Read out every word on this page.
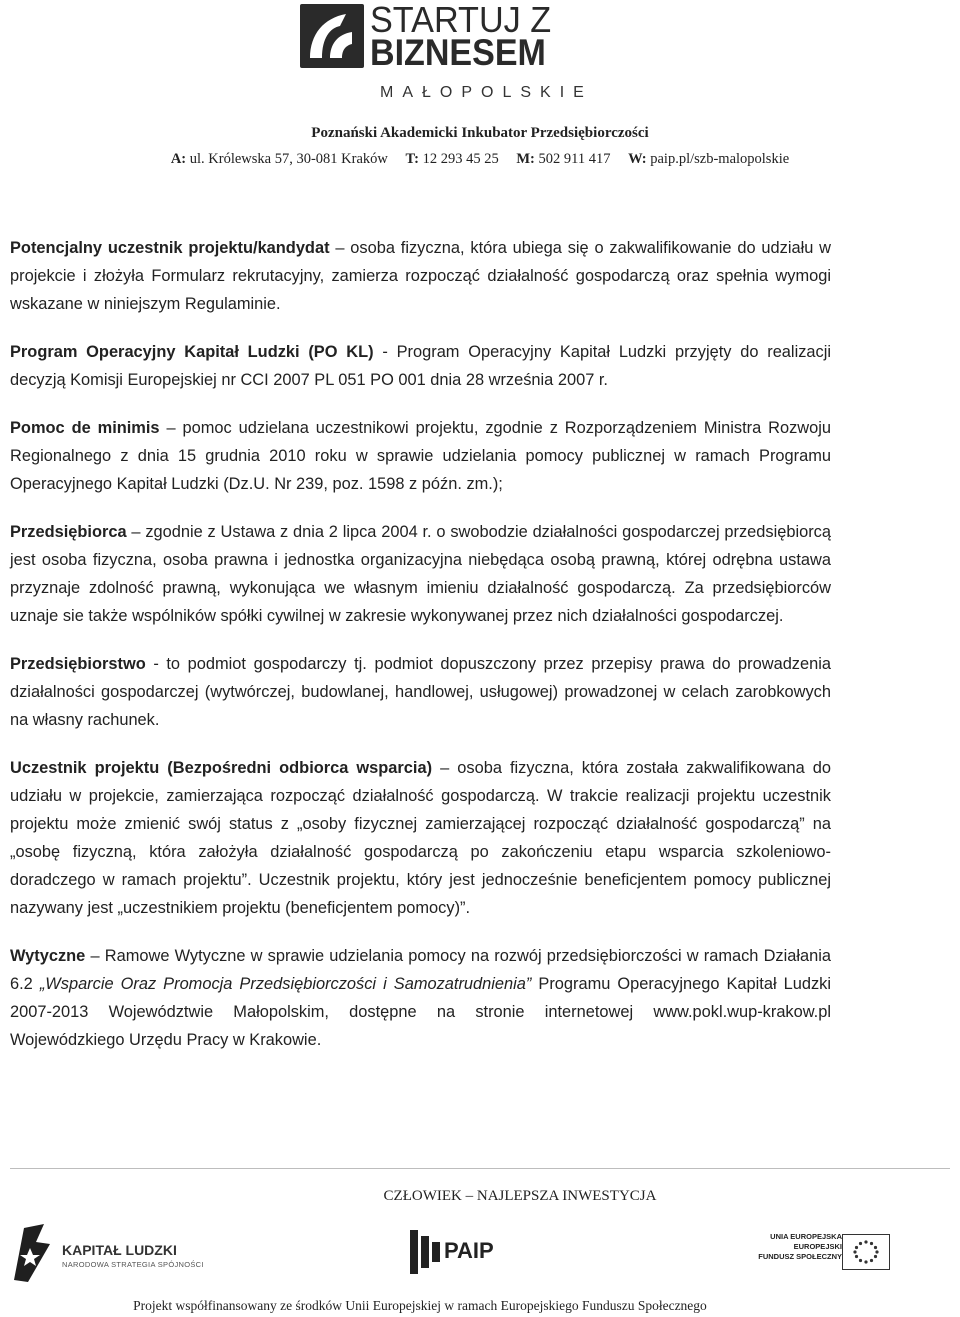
STARTUJ Z
BIZNESEM
MAŁOPOLSKIE
Poznański Akademicki Inkubator Przedsiębiorczości
A: ul. Królewska 57, 30-081 Kraków T: 12 293 45 25 M: 502 911 417 W: paip.pl/szb-malopolskie

Potencjalny uczestnik projektu/kandydat – osoba fizyczna, która ubiega się o zakwalifikowanie do udziału w projekcie i złożyła Formularz rekrutacyjny, zamierza rozpocząć działalność gospodarczą oraz spełnia wymogi wskazane w niniejszym Regulaminie.

Program Operacyjny Kapitał Ludzki (PO KL) - Program Operacyjny Kapitał Ludzki przyjęty do realizacji decyzją Komisji Europejskiej nr CCI 2007 PL 051 PO 001 dnia 28 września 2007 r.

Pomoc de minimis – pomoc udzielana uczestnikowi projektu, zgodnie z Rozporządzeniem Ministra Rozwoju Regionalnego z dnia 15 grudnia 2010 roku w sprawie udzielania pomocy publicznej w ramach Programu Operacyjnego Kapitał Ludzki (Dz.U. Nr 239, poz. 1598 z późn. zm.);

Przedsiębiorca – zgodnie z Ustawa z dnia 2 lipca 2004 r. o swobodzie działalności gospodarczej przedsiębiorcą jest osoba fizyczna, osoba prawna i jednostka organizacyjna niebędąca osobą prawną, której odrębna ustawa przyznaje zdolność prawną, wykonująca we własnym imieniu działalność gospodarczą. Za przedsiębiorców uznaje sie także wspólników spółki cywilnej w zakresie wykonywanej przez nich działalności gospodarczej.

Przedsiębiorstwo - to podmiot gospodarczy tj. podmiot dopuszczony przez przepisy prawa do prowadzenia działalności gospodarczej (wytwórczej, budowlanej, handlowej, usługowej) prowadzonej w celach zarobkowych na własny rachunek.

Uczestnik projektu (Bezpośredni odbiorca wsparcia) – osoba fizyczna, która została zakwalifikowana do udziału w projekcie, zamierzająca rozpocząć działalność gospodarczą. W trakcie realizacji projektu uczestnik projektu może zmienić swój status z „osoby fizycznej zamierzającej rozpocząć działalność gospodarczą” na „osobę fizyczną, która założyła działalność gospodarczą po zakończeniu etapu wsparcia szkoleniowo-doradczego w ramach projektu”. Uczestnik projektu, który jest jednocześnie beneficjentem pomocy publicznej nazywany jest „uczestnikiem projektu (beneficjentem pomocy)”.

Wytyczne – Ramowe Wytyczne w sprawie udzielania pomocy na rozwój przedsiębiorczości w ramach Działania 6.2 „Wsparcie Oraz Promocja Przedsiębiorczości i Samozatrudnienia” Programu Operacyjnego Kapitał Ludzki 2007-2013 Województwie Małopolskim, dostępne na stronie internetowej www.pokl.wup-krakow.pl Wojewódzkiego Urzędu Pracy w Krakowie.

CZŁOWIEK – NAJLEPSZA INWESTYCJA
KAPITAŁ LUDZKI
NARODOWA STRATEGIA SPÓJNOŚCI
PAIP
UNIA EUROPEJSKA
EUROPEJSKI
FUNDUSZ SPOŁECZNY
Projekt współfinansowany ze środków Unii Europejskiej w ramach Europejskiego Funduszu Społecznego
